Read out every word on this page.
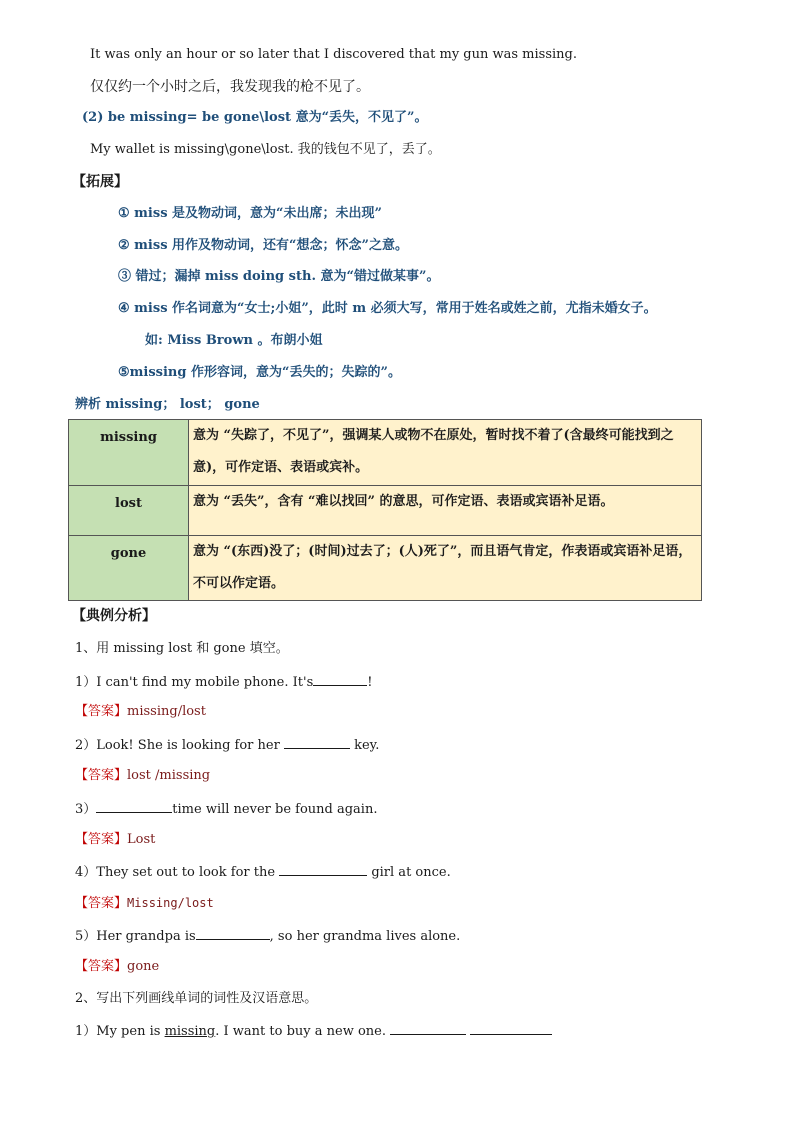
It was only an hour or so later that I discovered that my gun was missing.
仅仅约一个小时之后，我发现我的枪不见了。
(2) be missing= be gone\lost 意为“丢失，不见了”。
My wallet is missing\gone\lost. 我的钱包不见了，丢了。
【拓展】
① miss 是及物动词，意为“未出席；未出现”
② miss 用作及物动词，还有“想念；怀念”之意。
③ 错过；漏掉 miss doing sth. 意为“错过做某事”。
④ miss 作名词意为“女士;小姐”，此时 m 必须大写，常用于姓名或姓之前，尤指未婚女子。
如: Miss Brown 。布朗小姐
⑤missing 作形容词，意为“丢失的；失踪的”。
辨析 missing； lost； gone
missing	意为 “失踪了，不见了”，强调某人或物不在原处，暂时找不着了(含最终可能找到之意)，可作定语、表语或宾补。
lost	意为 “丢失”，含有 “难以找回” 的意思，可作定语、表语或宾语补足语。
gone	意为 “(东西)没了；(时间)过去了；(人)死了”，而且语气肯定，作表语或宾语补足语，不可以作定语。
【典例分析】
1、用 missing lost 和 gone 填空。
1）I can't find my mobile phone. It's	!
【答案】missing/lost
2）Look! She is looking for her	key.
【答案】lost /missing
3）	time will never be found again.
【答案】Lost
4）They set out to look for the	girl at once.
【答案】Missing/lost
5）Her grandpa is	, so her grandma lives alone.
【答案】gone
2、写出下列画线单词的词性及汉语意思。
1）My pen is missing. I want to buy a new one.
